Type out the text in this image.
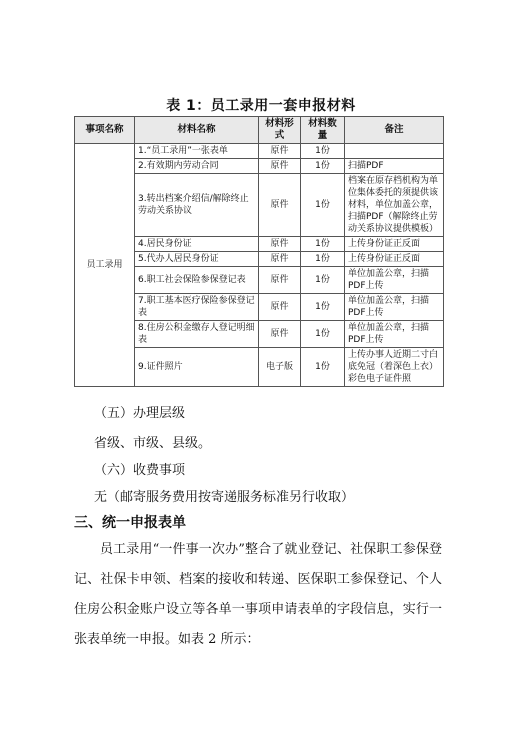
表 1：员工录用一套申报材料
事项名称	材料名称	材料形式	材料数量	备注
员工录用	1.“员工录用”一张表单	原件	1份	
	2.有效期内劳动合同	原件	1份	扫描PDF
	3.转出档案介绍信/解除终止劳动关系协议	原件	1份	档案在原存档机构为单位集体委托的须提供该材料，单位加盖公章，扫描PDF（解除终止劳动关系协议提供模板）
	4.居民身份证	原件	1份	上传身份证正反面
	5.代办人居民身份证	原件	1份	上传身份证正反面
	6.职工社会保险参保登记表	原件	1份	单位加盖公章，扫描PDF上传
	7.职工基本医疗保险参保登记表	原件	1份	单位加盖公章，扫描PDF上传
	8.住房公积金缴存人登记明细表	原件	1份	单位加盖公章，扫描PDF上传
	9.证件照片	电子版	1份	上传办事人近期二寸白底免冠（着深色上衣）彩色电子证件照
（五）办理层级
省级、市级、县级。
（六）收费事项
无（邮寄服务费用按寄递服务标准另行收取）
三、统一申报表单
员工录用“一件事一次办”整合了就业登记、社保职工参保登记、社保卡申领、档案的接收和转递、医保职工参保登记、个人住房公积金账户设立等各单一事项申请表单的字段信息，实行一张表单统一申报。如表 2 所示：
